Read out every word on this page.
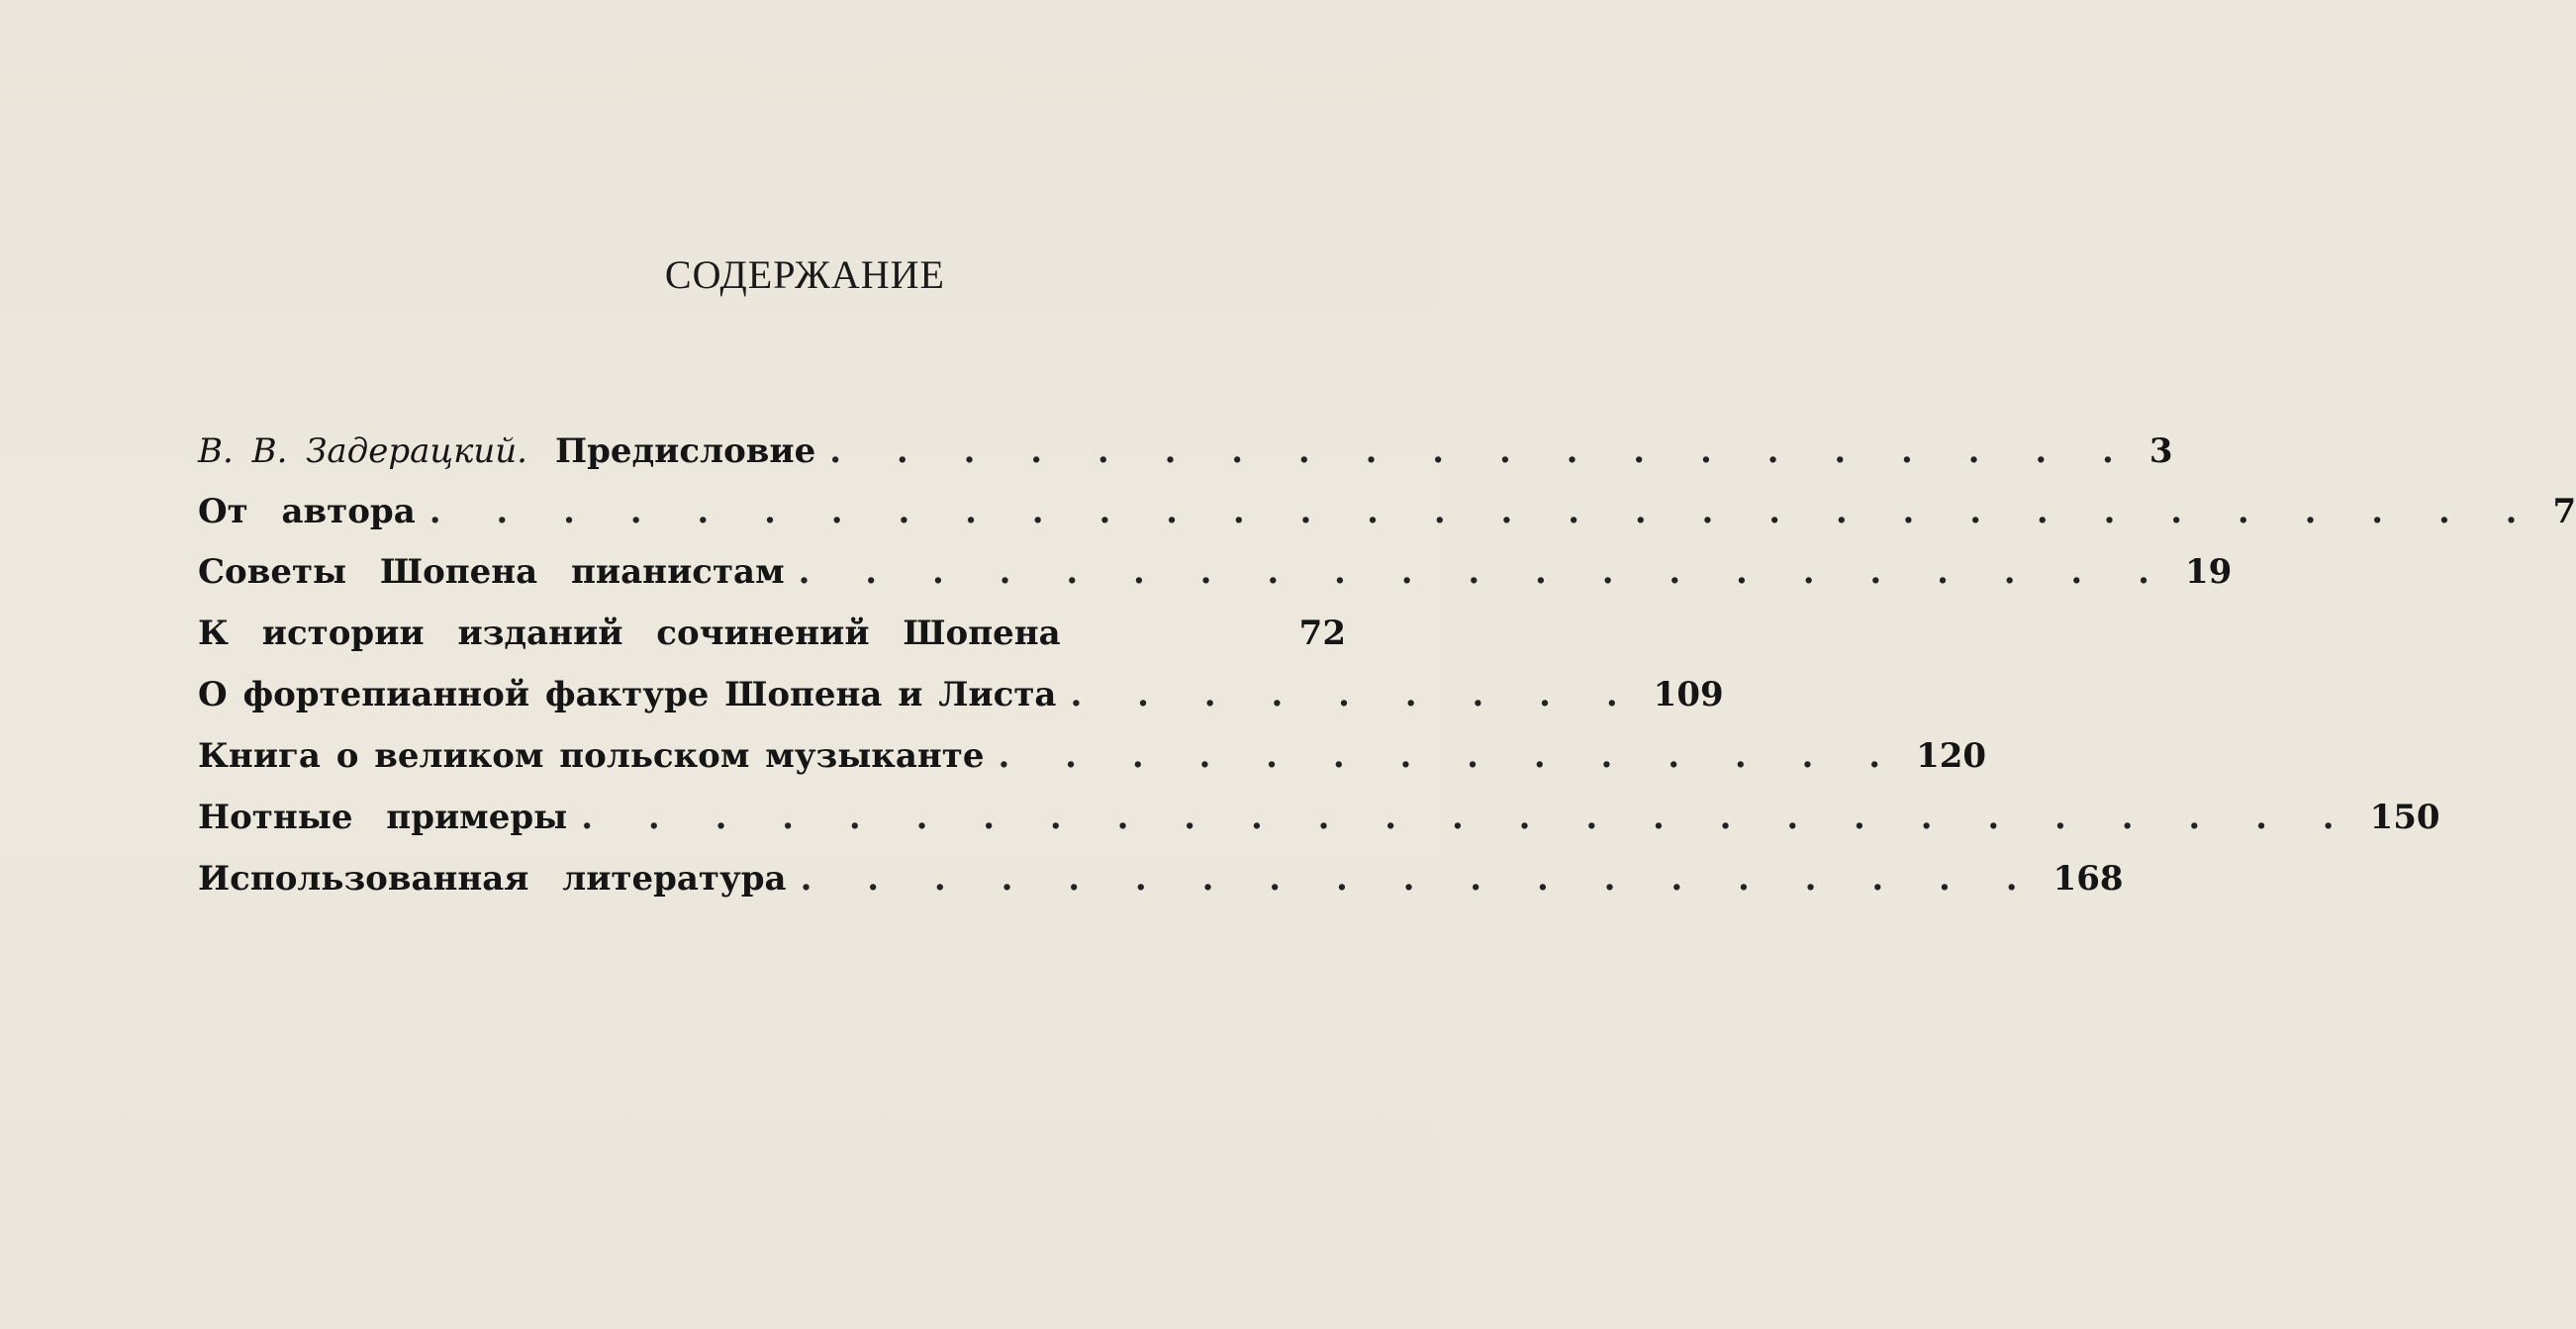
СОДЕРЖАНИЕ
В. В. Задерацкий. Предисловие . . . . . . . . . . . . . . . . . . . . 3
От автора . . . . . . . . . . . . . . . . . . . . . . . . . . . . . . . . 7
Советы Шопена пианистам . . . . . . . . . . . . . . . . . . . . . 19
К истории изданий сочинений Шопена	72
О фортепианной фактуре Шопена и Листа . . . . . . . . . 109
Книга о великом польском музыканте . . . . . . . . . . . . . . 120
Нотные примеры . . . . . . . . . . . . . . . . . . . . . . . . . . . 150
Использованная литература . . . . . . . . . . . . . . . . . . . 168
